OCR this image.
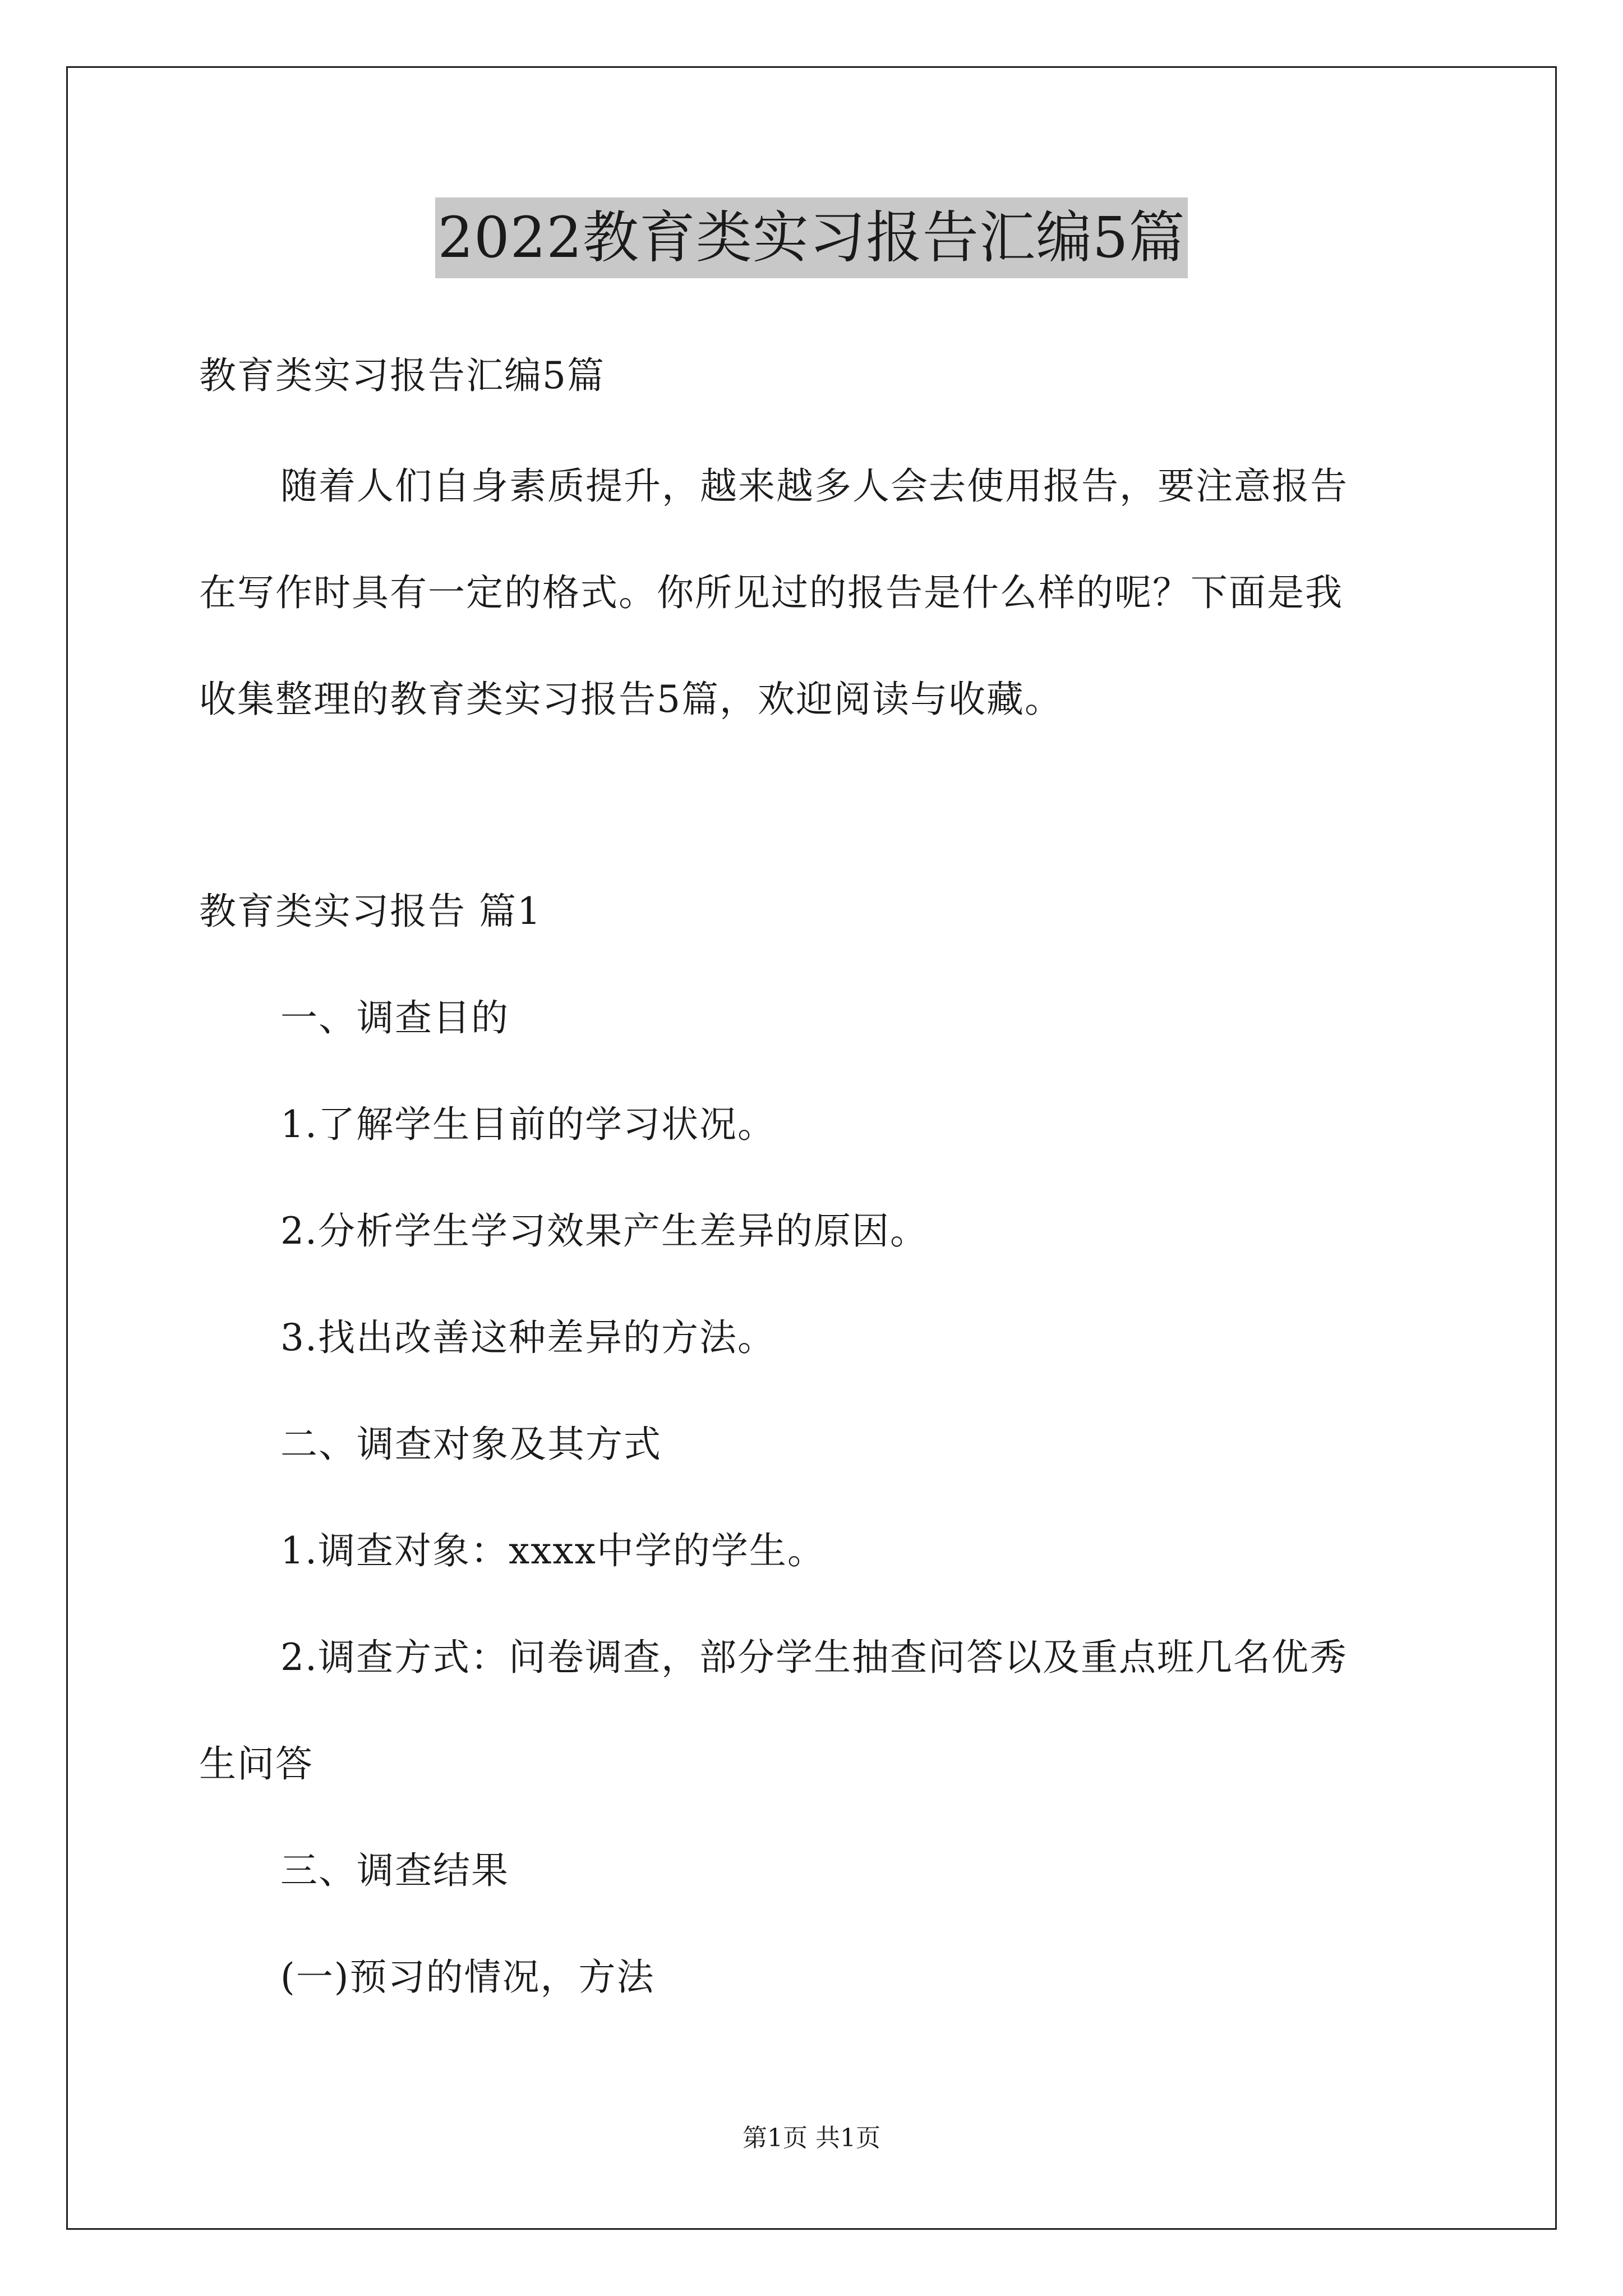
2022教育类实习报告汇编5篇
教育类实习报告汇编5篇
随着人们自身素质提升，越来越多人会去使用报告，要注意报告
在写作时具有一定的格式。你所见过的报告是什么样的呢？下面是我
收集整理的教育类实习报告5篇，欢迎阅读与收藏。
教育类实习报告 篇1
一、调查目的
1.了解学生目前的学习状况。
2.分析学生学习效果产生差异的原因。
3.找出改善这种差异的方法。
二、调查对象及其方式
1.调查对象：xxxx中学的学生。
2.调查方式：问卷调查，部分学生抽查问答以及重点班几名优秀
生问答
三、调查结果
(一)预习的情况，方法
第1页 共1页
